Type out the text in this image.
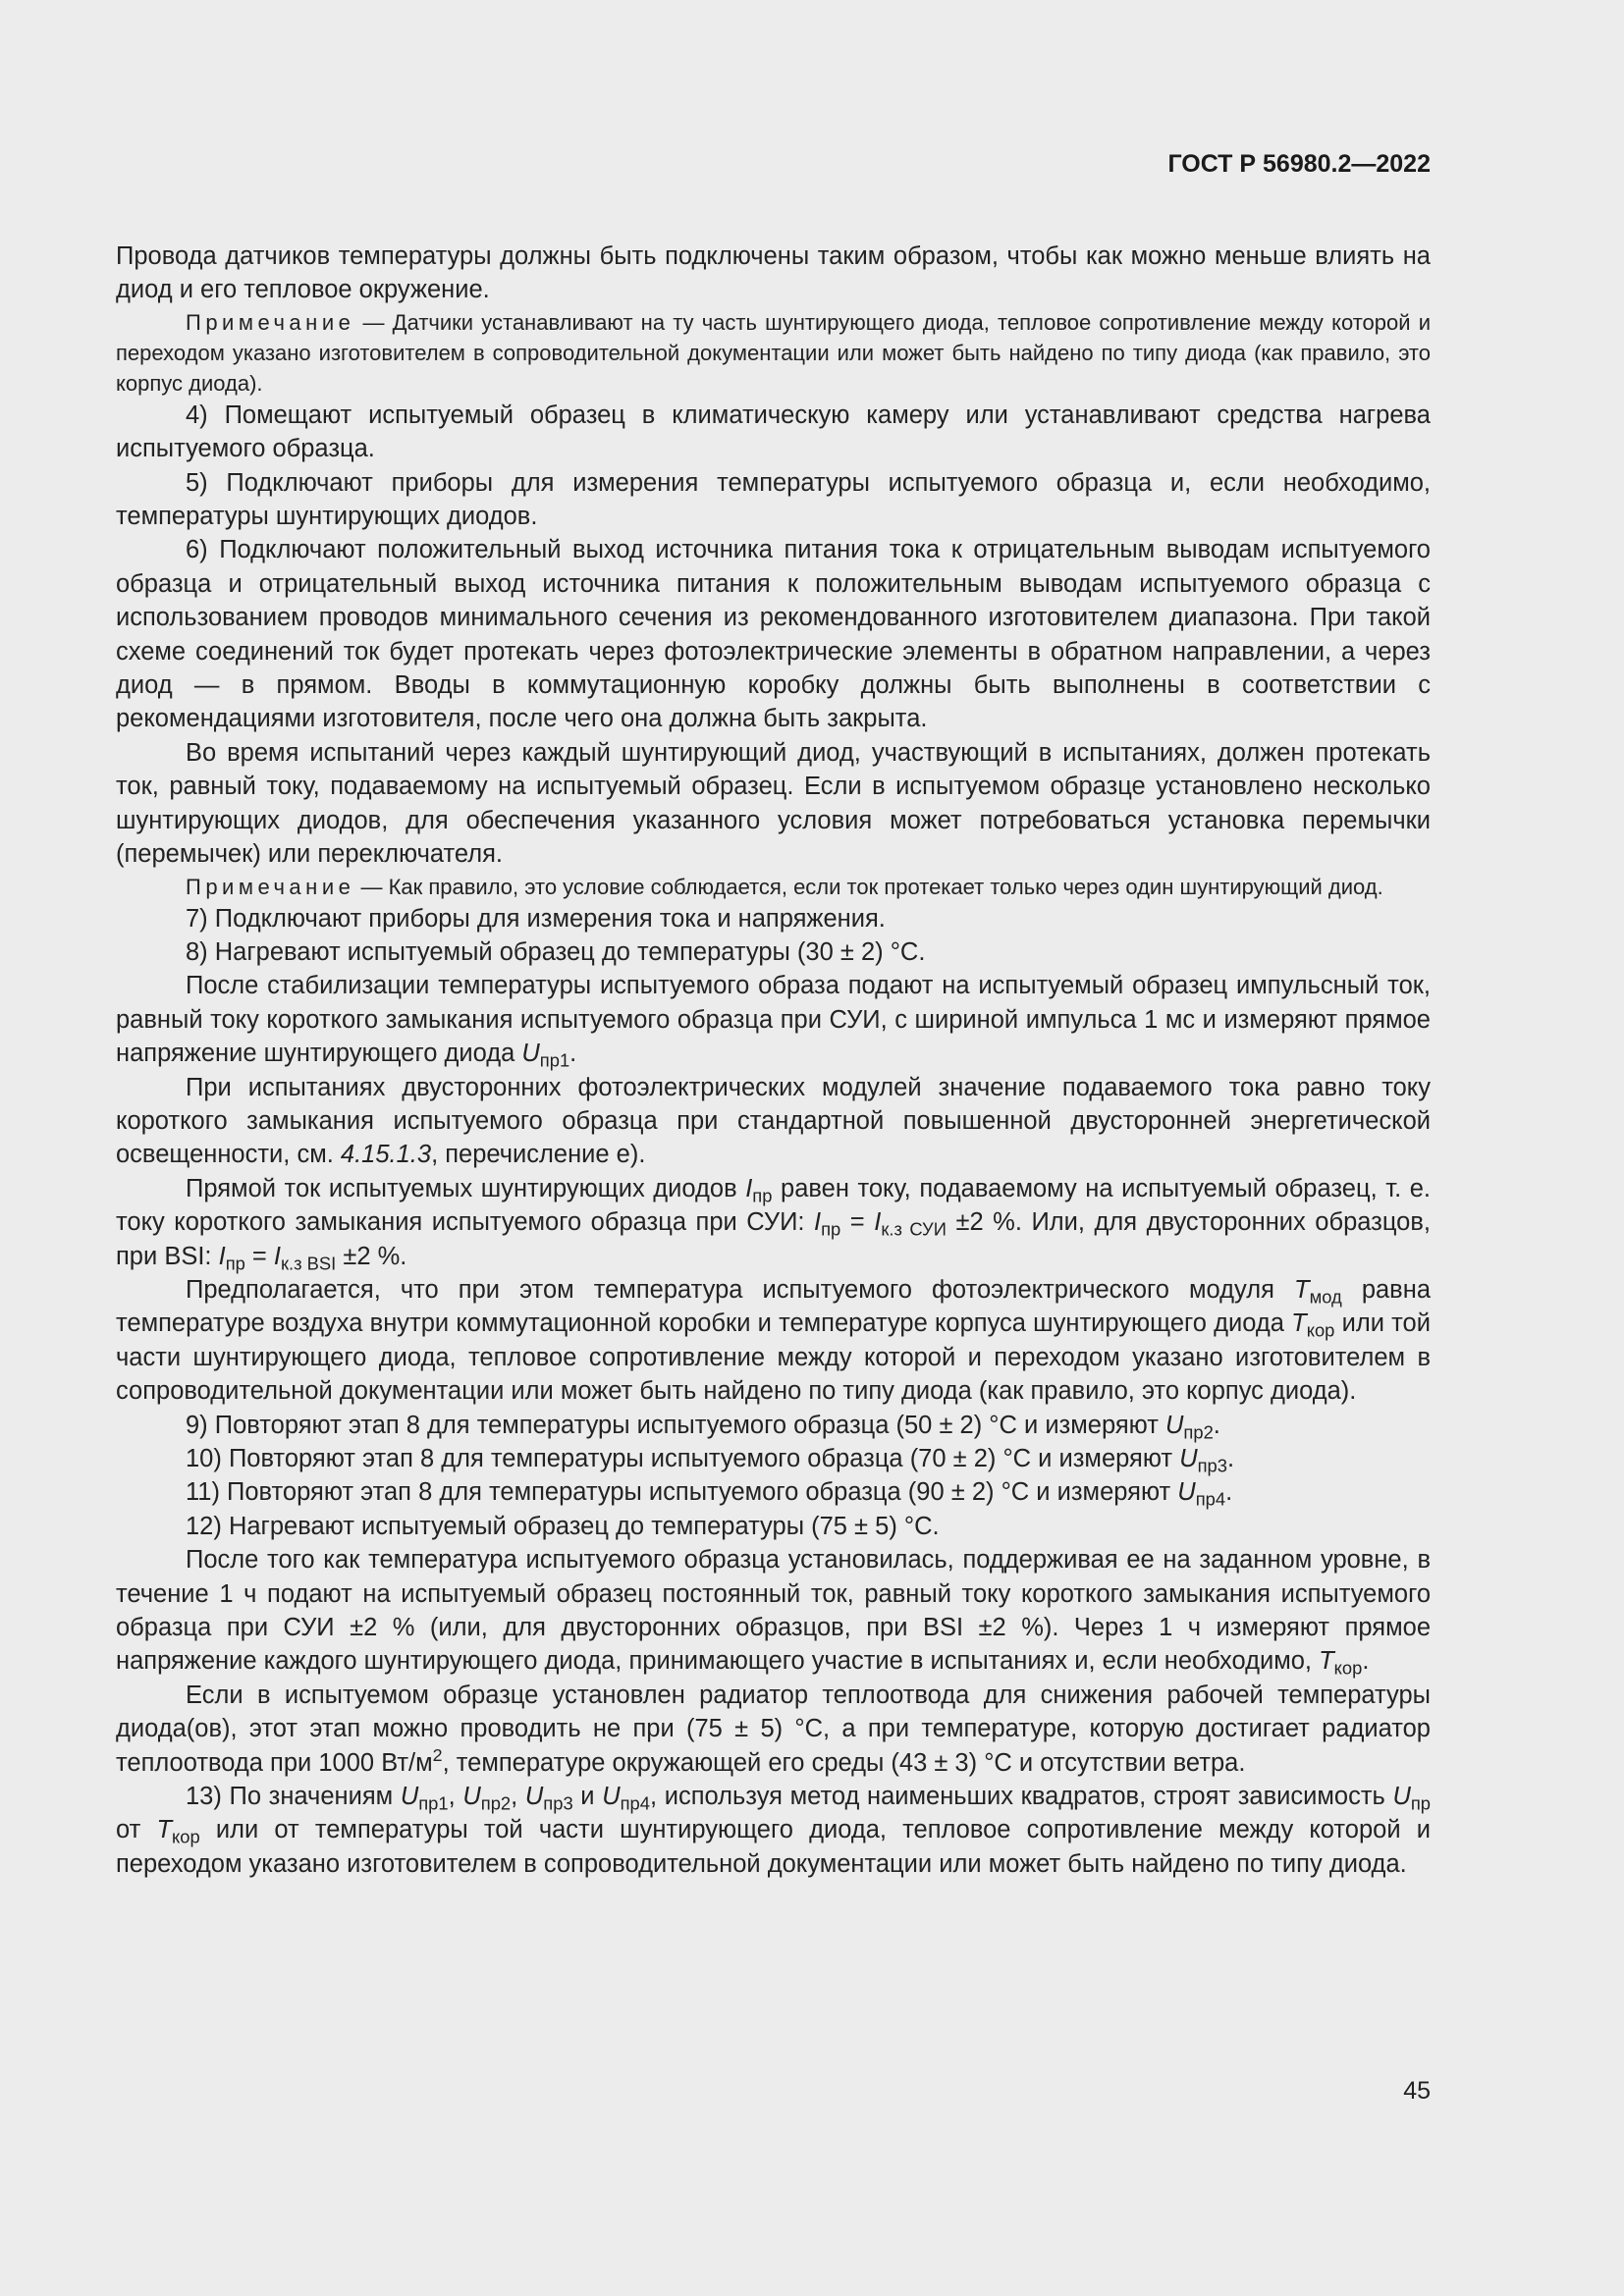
ГОСТ Р 56980.2—2022

Провода датчиков температуры должны быть подключены таким образом, чтобы как можно меньше влиять на диод и его тепловое окружение.

Примечание — Датчики устанавливают на ту часть шунтирующего диода, тепловое сопротивление между которой и переходом указано изготовителем в сопроводительной документации или может быть найдено по типу диода (как правило, это корпус диода).

4) Помещают испытуемый образец в климатическую камеру или устанавливают средства нагрева испытуемого образца.

5) Подключают приборы для измерения температуры испытуемого образца и, если необходимо, температуры шунтирующих диодов.

6) Подключают положительный выход источника питания тока к отрицательным выводам испытуемого образца и отрицательный выход источника питания к положительным выводам испытуемого образца с использованием проводов минимального сечения из рекомендованного изготовителем диапазона. При такой схеме соединений ток будет протекать через фотоэлектрические элементы в обратном направлении, а через диод — в прямом. Вводы в коммутационную коробку должны быть выполнены в соответствии с рекомендациями изготовителя, после чего она должна быть закрыта.

Во время испытаний через каждый шунтирующий диод, участвующий в испытаниях, должен протекать ток, равный току, подаваемому на испытуемый образец. Если в испытуемом образце установлено несколько шунтирующих диодов, для обеспечения указанного условия может потребоваться установка перемычки (перемычек) или переключателя.

Примечание — Как правило, это условие соблюдается, если ток протекает только через один шунтирующий диод.

7) Подключают приборы для измерения тока и напряжения.

8) Нагревают испытуемый образец до температуры (30 ± 2) °С.

После стабилизации температуры испытуемого образа подают на испытуемый образец импульсный ток, равный току короткого замыкания испытуемого образца при СУИ, с шириной импульса 1 мс и измеряют прямое напряжение шунтирующего диода $U_{пр1}$.

При испытаниях двусторонних фотоэлектрических модулей значение подаваемого тока равно току короткого замыкания испытуемого образца при стандартной повышенной двусторонней энергетической освещенности, см. 4.15.1.3, перечисление е).

Прямой ток испытуемых шунтирующих диодов $I_{пр}$ равен току, подаваемому на испытуемый образец, т. е. току короткого замыкания испытуемого образца при СУИ: $I_{пр} = I_{к.з СУИ} \pm 2$ %. Или, для двусторонних образцов, при BSI: $I_{пр} = I_{к.з BSI} \pm 2$ %.

Предполагается, что при этом температура испытуемого фотоэлектрического модуля $T_{мод}$ равна температуре воздуха внутри коммутационной коробки и температуре корпуса шунтирующего диода $T_{кор}$ или той части шунтирующего диода, тепловое сопротивление между которой и переходом указано изготовителем в сопроводительной документации или может быть найдено по типу диода (как правило, это корпус диода).

9) Повторяют этап 8 для температуры испытуемого образца (50 ± 2) °С и измеряют $U_{пр2}$.

10) Повторяют этап 8 для температуры испытуемого образца (70 ± 2) °С и измеряют $U_{пр3}$.

11) Повторяют этап 8 для температуры испытуемого образца (90 ± 2) °С и измеряют $U_{пр4}$.

12) Нагревают испытуемый образец до температуры (75 ± 5) °С.

После того как температура испытуемого образца установилась, поддерживая ее на заданном уровне, в течение 1 ч подают на испытуемый образец постоянный ток, равный току короткого замыкания испытуемого образца при СУИ ±2 % (или, для двусторонних образцов, при BSI ±2 %). Через 1 ч измеряют прямое напряжение каждого шунтирующего диода, принимающего участие в испытаниях и, если необходимо, $T_{кор}$.

Если в испытуемом образце установлен радиатор теплоотвода для снижения рабочей температуры диода(ов), этот этап можно проводить не при (75 ± 5) °С, а при температуре, которую достигает радиатор теплоотвода при 1000 $Вт/м^2$, температуре окружающей его среды (43 ± 3) °С и отсутствии ветра.

13) По значениям $U_{пр1}$, $U_{пр2}$, $U_{пр3}$ и $U_{пр4}$, используя метод наименьших квадратов, строят зависимость $U_{пр}$ от $T_{кор}$ или от температуры той части шунтирующего диода, тепловое сопротивление между которой и переходом указано изготовителем в сопроводительной документации или может быть найдено по типу диода.

45
